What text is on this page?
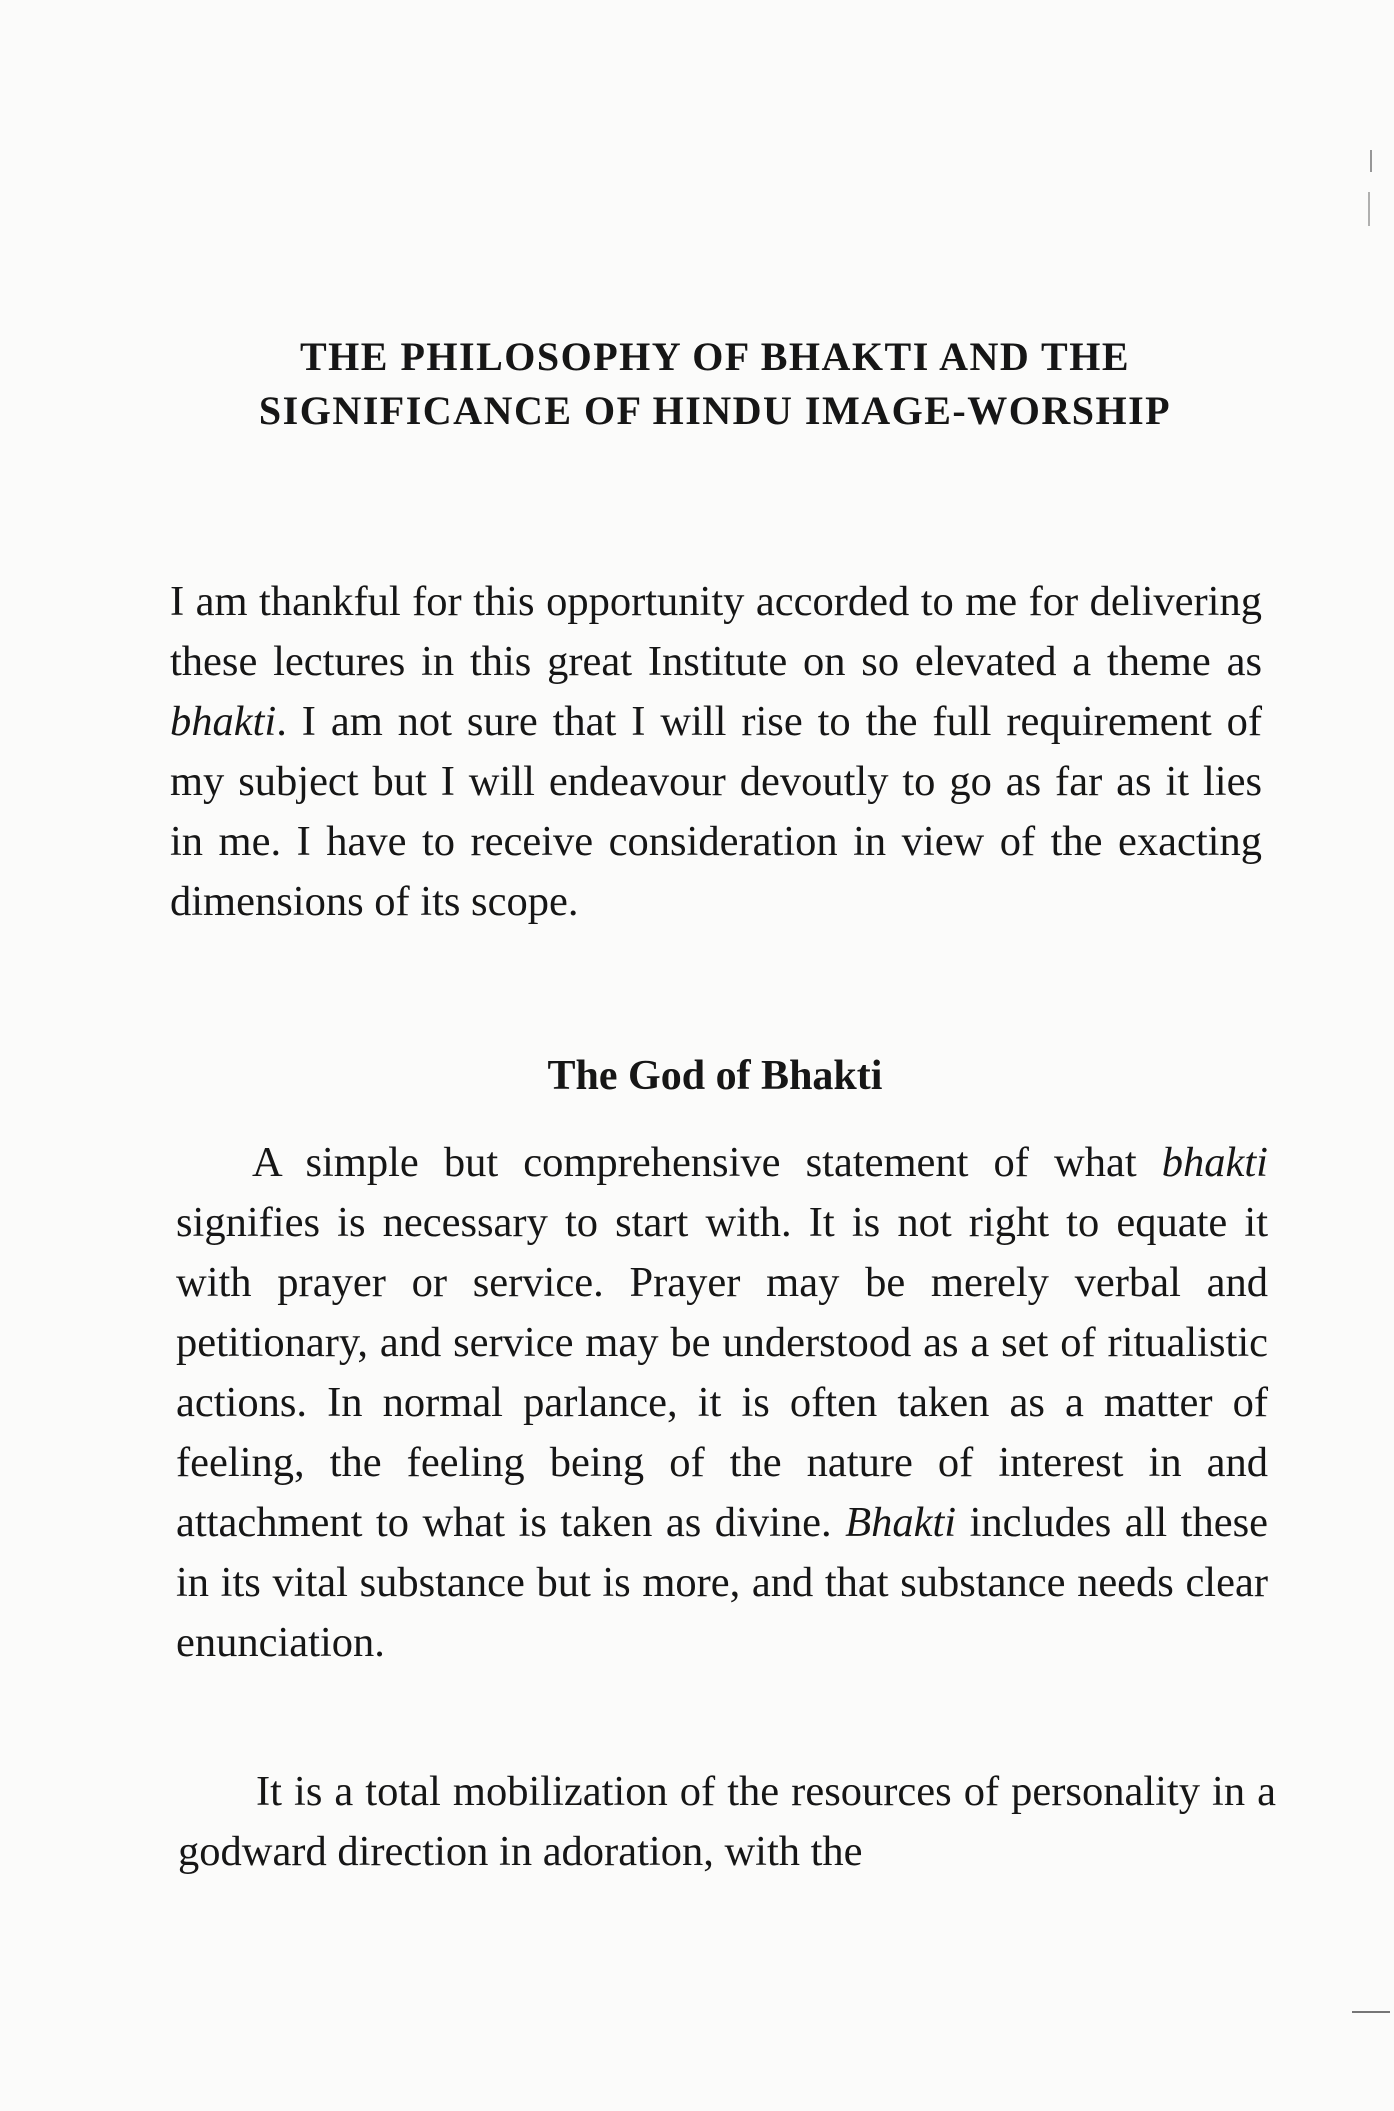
THE PHILOSOPHY OF BHAKTI AND THE
SIGNIFICANCE OF HINDU IMAGE-WORSHIP
I am thankful for this opportunity accorded to me for delivering these lectures in this great Institute on so elevated a theme as bhakti. I am not sure that I will rise to the full requirement of my subject but I will endeavour devoutly to go as far as it lies in me. I have to receive consideration in view of the exacting dimensions of its scope.
The God of Bhakti
A simple but comprehensive statement of what bhakti signifies is necessary to start with. It is not right to equate it with prayer or service. Prayer may be merely verbal and petitionary, and service may be understood as a set of ritualistic actions. In normal parlance, it is often taken as a matter of feeling, the feeling being of the nature of interest in and attachment to what is taken as divine. Bhakti includes all these in its vital substance but is more, and that substance needs clear enunciation.
It is a total mobilization of the resources of personality in a godward direction in adoration, with the
